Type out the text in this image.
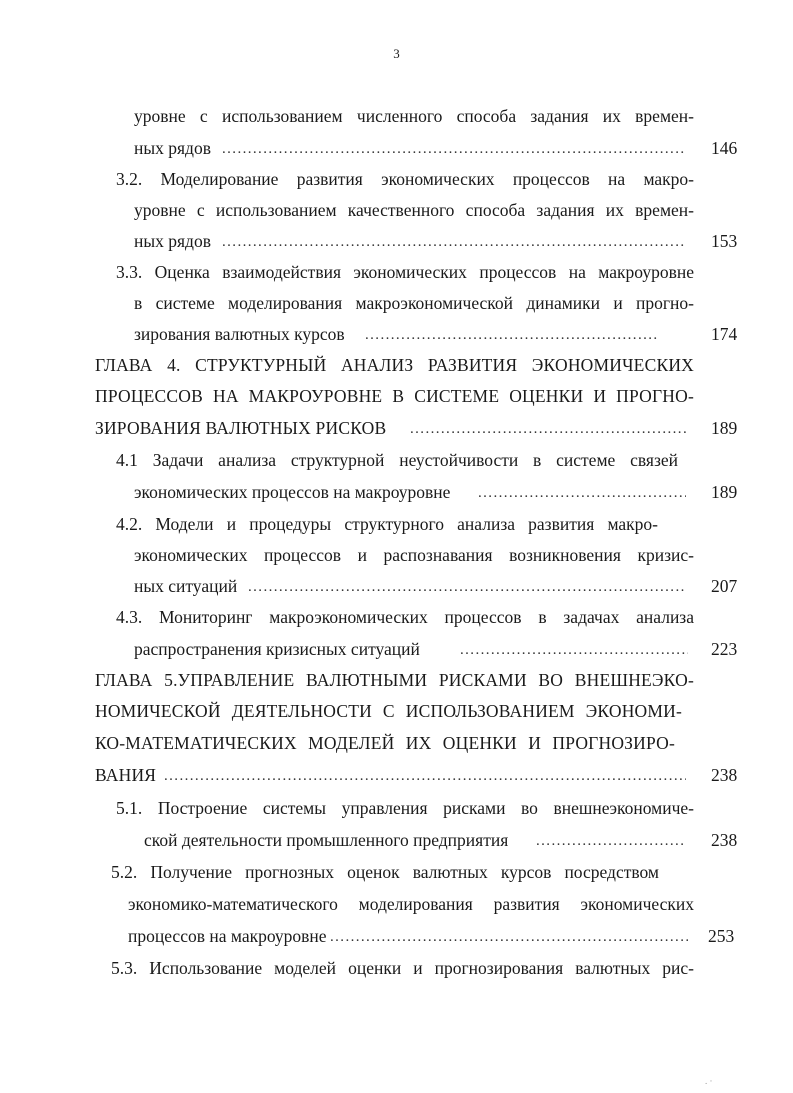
3
уровне с использованием численного способа задания их времен-
ных рядов .....	146
3.2. Моделирование развития экономических процессов на макро-
уровне с использованием качественного способа задания их времен-
ных рядов .....	153
3.3. Оценка взаимодействия экономических процессов на макроуровне
в системе моделирования макроэкономической динамики и прогно-
зирования валютных курсов .....	174
ГЛАВА 4. СТРУКТУРНЫЙ АНАЛИЗ РАЗВИТИЯ ЭКОНОМИЧЕСКИХ
ПРОЦЕССОВ НА МАКРОУРОВНЕ В СИСТЕМЕ ОЦЕНКИ И ПРОГНО-
ЗИРОВАНИЯ ВАЛЮТНЫХ РИСКОВ .....	189
4.1 Задачи анализа структурной неустойчивости в системе связей
экономических процессов на макроуровне .....	189
4.2. Модели и процедуры структурного анализа развития макро-
экономических процессов и распознавания возникновения кризис-
ных ситуаций .....	207
4.3. Мониторинг макроэкономических процессов в задачах анализа
распространения кризисных ситуаций .....	223
ГЛАВА 5.УПРАВЛЕНИЕ ВАЛЮТНЫМИ РИСКАМИ ВО ВНЕШНЕЭКО-
НОМИЧЕСКОЙ ДЕЯТЕЛЬНОСТИ С ИСПОЛЬЗОВАНИЕМ ЭКОНОМИ-
КО-МАТЕМАТИЧЕСКИХ МОДЕЛЕЙ ИХ ОЦЕНКИ И ПРОГНОЗИРО-
ВАНИЯ .....	238
5.1. Построение системы управления рисками во внешнеэкономиче-
ской деятельности промышленного предприятия .....	238
5.2. Получение прогнозных оценок валютных курсов посредством
экономико-математического моделирования развития экономических
процессов на макроуровне .....	253
5.3. Использование моделей оценки и прогнозирования валютных рис-
. ·
